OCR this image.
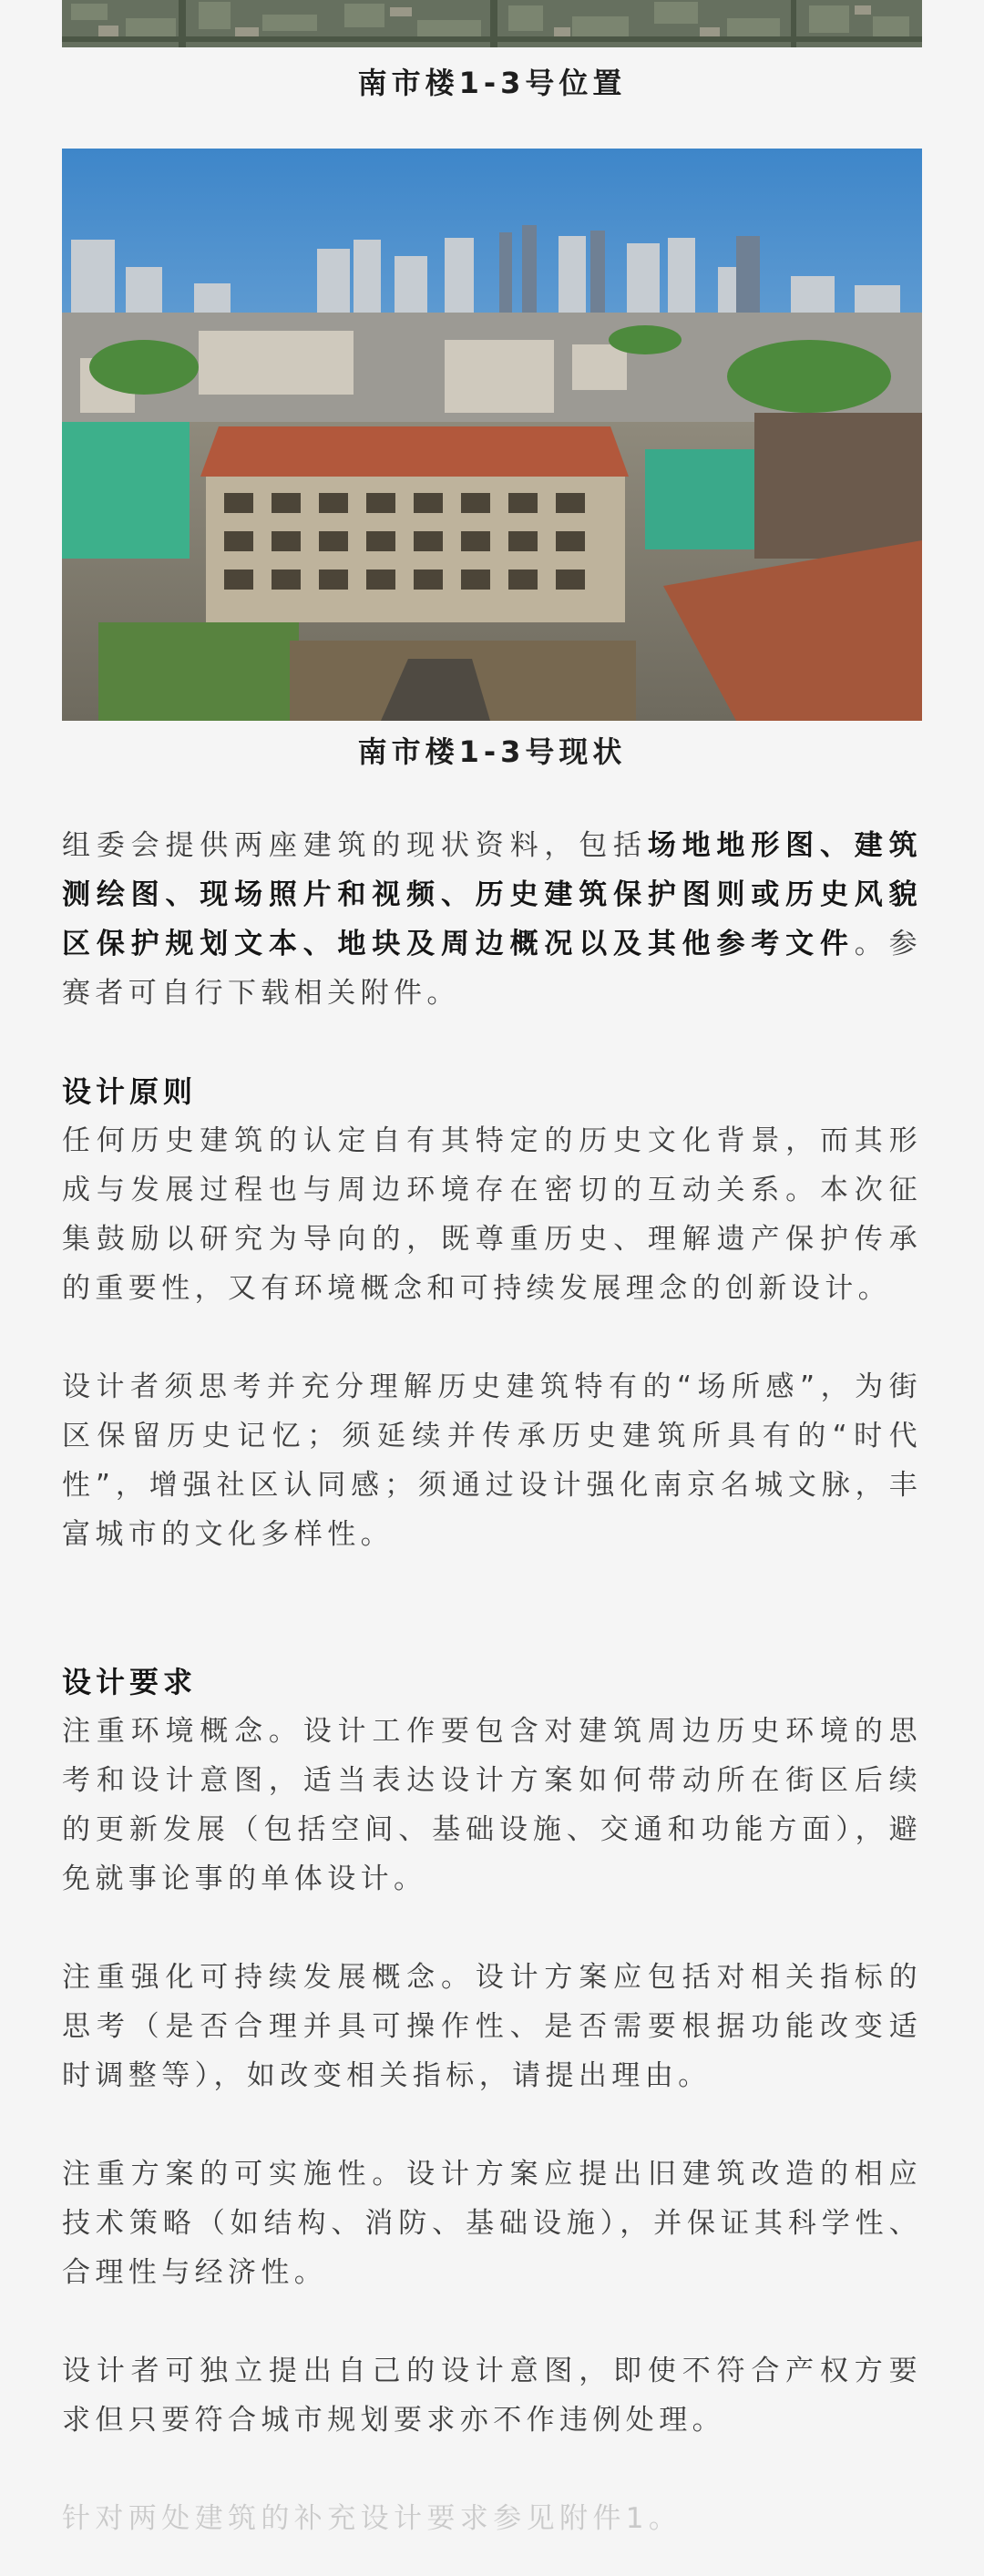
南市楼1-3号位置
南市楼1-3号现状

组委会提供两座建筑的现状资料，包括场地地形图、建筑测绘图、现场照片和视频、历史建筑保护图则或历史风貌区保护规划文本、地块及周边概况以及其他参考文件。参赛者可自行下载相关附件。

设计原则

任何历史建筑的认定自有其特定的历史文化背景，而其形成与发展过程也与周边环境存在密切的互动关系。本次征集鼓励以研究为导向的，既尊重历史、理解遗产保护传承的重要性，又有环境概念和可持续发展理念的创新设计。

设计者须思考并充分理解历史建筑特有的“场所感”，为街区保留历史记忆；须延续并传承历史建筑所具有的“时代性”，增强社区认同感；须通过设计强化南京名城文脉，丰富城市的文化多样性。

设计要求

注重环境概念。设计工作要包含对建筑周边历史环境的思考和设计意图，适当表达设计方案如何带动所在街区后续的更新发展（包括空间、基础设施、交通和功能方面），避免就事论事的单体设计。

注重强化可持续发展概念。设计方案应包括对相关指标的思考（是否合理并具可操作性、是否需要根据功能改变适时调整等），如改变相关指标，请提出理由。

注重方案的可实施性。设计方案应提出旧建筑改造的相应技术策略（如结构、消防、基础设施），并保证其科学性、合理性与经济性。

设计者可独立提出自己的设计意图，即使不符合产权方要求但只要符合城市规划要求亦不作违例处理。

针对两处建筑的补充设计要求参见附件1。
